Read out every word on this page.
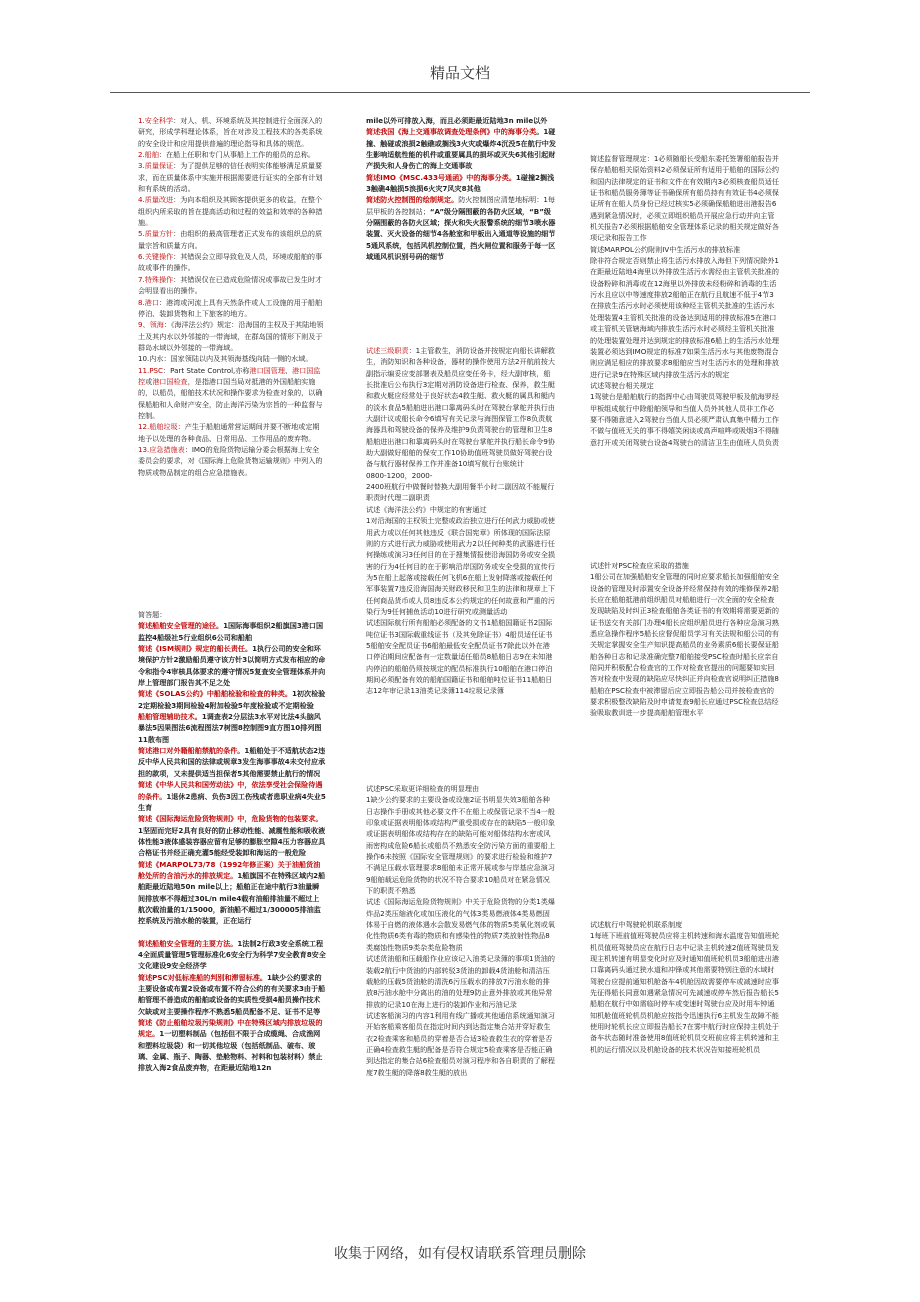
精品文档

1.安全科学：对人、机、环境系统及其控制进行全面深入的研究，形成学科理论体系，旨在对涉及工程技术的各类系统的安全设计和应用提供普遍的理论指导和具体的规范。

2.船舶：在船上任职和专门从事船上工作的船员的总称。

3.质量保证：为了提供足够的信任表明实体能够满足质量要求，而在质量体系中实施并根据需要进行证实的全部有计划和有系统的活动。

4.质量改进：为向本组织及其顾客提供更多的收益，在整个组织内所采取的旨在提高活动和过程的效益和效率的各种措施。

5.质量方针：由组织的最高管理者正式发布的该组织总的质量宗旨和质量方向。

6.关键操作：其错误会立即导致危及人员，环境或船舶的事故或事件的操作。

7.特殊操作：其错误仅在已造成危险情况或事故已发生时才会明显看出的操作。

8.港口：港湾或河流上具有天然条件或人工设施的用于船舶停泊、装卸货物和上下旅客的地方。

9、领海：《海洋法公约》规定：沿海国的主权及于其陆地领土及其内水以外邻接的一带海域，在群岛国的情形下则及于群岛水域以外邻接的一带海域。

10.内水：国家领陆以内及其领海基线向陆一侧的水域。

11.PSC：Part State Control,亦称港口国管理、港口国监控或港口国检查，是指港口国当局对抵港的外国船舶实施的，以船员，船舶技术状况和操作要求为检查对象的，以确保船舶和人命财产安全，防止海洋污染为宗旨的一种监督与控制。

12.船舶垃圾：产生于船舶通常营运期间并要不断地或定期地予以处理的各种食品、日常用品、工作用品的废弃物。

13.应急措施表：IMO的危险货物运输分委会根据海上安全委员会的要求，对《国际海上危险货物运输规则》中列入的物质或物品制定的组合应急措施表。

简答题：

简述船舶安全管理的途径。1国际海事组织2船旗国3港口国监控4船级社5行业组织6公司和船舶

简述《ISM规则》规定的船长责任。1执行公司的安全和环境保护方针2激励船员遵守该方针3以简明方式发布相应的命令和指令4审核具体要求的遵守情况5复查安全管理体系并向岸上管理部门报告其不足之处

简述《SOLAS公约》中船舶检验和检查的种类。1初次检验2定期检验3期间检验4附加检验5年度检验或不定期检验

船舶管理辅助技术。1调查表2分层法3水平对比法4头脑风暴法5因果图法6流程图法7树图8控制图9直方图10排列图11散布图

简述港口对外籍船舶禁航的条件。1船舶处于不适航状态2违反中华人民共和国的法律或规章3发生海事事故4未交付应承担的款项，又未提供适当担保者5其他需要禁止航行的情况

简述《中华人民共和国劳动法》中，依法享受社会保险待遇的条件。1退休2患病、负伤3因工伤残或者患职业病4失业5生育

简述《国际海运危险货物规则》中，危险货物的包装要求。1坚固而完好2具有良好的防止移动性能、减震性能和吸收液体性能3液体盛装容器应留有足够的膨胀空隙4压力容器应具合格证书并经正确充灌5能经受装卸和海运的一般危险

简述《MARPOL73/78（1992年修正案）关于油船货油舱处所的含油污水的排放规定。1船旗国不在特殊区域内2船舶距最近陆地50n mile以上；船舶正在途中航行3油量瞬间排放率不得超过30L/n mile4载有油船排油量不超过上航次载油量的1/15000，新油船不超过1/300005排油监控系统及污油水舱的装置，正在运行

简述船舶安全管理的主要方法。1法制2行政3安全系统工程4全面质量管理5管理标准化6安全行为科学7安全教育8安全文化建设9安全经济学

简述PSC对低标准船的判别和滞留标准。1缺少公约要求的主要设备或布置2设备或布置不符合公约的有关要求3由于船舶管理不善造成的船舶或设备的实质性受损4船员操作技术欠缺或对主要操作程序不熟悉5船员配备不足、证书不足等

简述《防止船舶垃圾污染规则》中在特殊区域内排放垃圾的规定。1一切塑料制品（包括但不限于合成缆绳、合成渔网和塑料垃圾袋）和一切其他垃圾（包括纸制品、破布、玻璃、金属、瓶子、陶器、垫舱物料、衬料和包装材料）禁止排放入海2食品废弃物，在距最近陆地12n

mile以外可排放入海，而且必须距最近陆地3n mile以外

简述我国《海上交通事故调查处理条例》中的海事分类。1碰撞、触碰或浪损2触礁或搁浅3火灾或爆炸4沉没5在航行中发生影响适航性能的机件或重要属具的损坏或灭失6其他引起财产损失和人身伤亡的海上交通事故

简述IMO《MSC.433号通函》中的海事分类。1碰撞2搁浅3触礁4触损5浪损6火灾7风灾8其他

简述防火控制图的绘制规定。防火控制图应清楚地标明：1每层甲板的各控制站；“A”级分隔围蔽的各防火区域，“B”级分隔围蔽的各防火区域；探火和失火报警系统的细节3喷水器装置、灭火设备的细节4各舱室和甲板出入通道等设施的细节5通风系统，包括风机控制位置，挡火闸位置和服务于每一区域通风机识别号码的细节

试述三级职责：1主管救生，消防设备并按规定向船长讲解救生，消防知识和各种设备，器材的操作使用方法2开航前按大副指示编妥应变部署表及船员应变任务卡，经大副审核，船长批准后公布执行3定期对消防设备进行检查、保养，救生艇和救火艇应经常处于良好状态4救生艇、救火艇的属具和艇内的淡水食品5船舶进出港口靠离码头时在驾驶台掌舵并执行由大副计议或船长命令6填写有关记录与海图保管工作8负责航海器具和驾驶设备的保养及维护9负责驾驶台的管理和卫生8船舶进出港口和靠离码头时在驾驶台掌舵并执行船长命令9协助大副做好船舶的保安工作10协助值班驾驶员做好驾驶台设备与航行器材保养工作并准备10填写航行台账统计

0800-1200，2000-

2400班航行中做餐时替换大副用餐半小时二副因故不能履行职责时代理二副职责

试述《海洋法公约》中规定的有害通过

1对沿海国的主权领土完整或政治独立进行任何武力威胁或使用武力或以任何其他违反《联合国宪章》所体现的国际法原则的方式进行武力威胁或使用武力2以任何种类的武器进行任何操练或演习3任何目的在于搜集情报使沿海国防务或安全损害的行为4任何目的在于影响沿岸国防务或安全受损的宣传行为5在船上起落或接载任何飞机6在船上发射降落或接载任何军事装置7违反沿海国海关财政移民和卫生的法律和规章上下任何商品货币或人员8违反本公约规定的任何故意和严重的污染行为9任何捕鱼活动10进行研究或测量活动

试述国际航行所有船舶必须配备的文书1船舶国籍证书2国际吨位证书3国际载重线证书（及其免除证书）4船员适任证书5船舶安全配员证书6船舶最低安全配员证书7除此以外在港口停泊期间应配备有一定数量适任船员8船舶日志9在未知港内停泊的船舶仍须按规定的配员标准执行10船舶在港口停泊期间必须配备有效的船舶国籍证书和船舶吨位证书11船舶日志12年审记录13油类记录簿114垃圾记录簿

试述PSC采取更详细检查的明显理由

1缺少公约要求的主要设备或设施2证书明显失效3船舶各种日志操作手册或其他必要文件不在船上或保管记录不当4一般印象或证据表明船体或结构严重受损或存在的缺陷5一般印象或证据表明船体或结构存在的缺陷可能对船体结构水密或风雨密构成危险6船长或船员不熟悉安全防污染方面的重要船上操作6未按照《国际安全管理规则》的要求进行检验和维护7不满足压载水管理要求8船舶未正常开展或参与岸基应急演习9船舶载运危险货物的状况不符合要求10船员对在紧急情况下的职责不熟悉

试述《国际海运危险货物规则》中关于危险货物的分类1类爆炸品2类压缩液化或加压液化的气体3类易燃液体4类易燃固体易于自燃的液体遇水会散发易燃气体的物质5类氧化剂或氧化性物质6类有毒的物质和有感染性的物质7类放射性物品8类腐蚀性物质9类杂类危险物质

试述货油船和压载船作业应该记入油类记录簿的事项1货油的装载2航行中货油的内部转驳3货油的卸载4货油舱和清洁压载舱的压载5货油舱的清洗6污压载水的排放7污油水舱的排放8污油水舱中分离出的油的处理9防止意外排放或其他异常排放的记录10在海上进行的装卸作业和污油记录

试述客船演习的内容1利用有线广播或其他通信系统通知演习开始客船乘客船员在指定时间内到达指定集合站并穿好救生衣2检查乘客和船员的穿着是否合适3检查救生衣的穿着是否正确4检查救生艇的配备是否符合规定5检查乘客是否能正确到达指定的集合站6检查船员对演习程序和各自职责的了解程度7救生艇的降落8救生艇的放出

简述监督管理规定：1必须随船长受船东委托签署船舶报告并保存船舶相关原始资料2必须保证所有适用于船舶的国际公约和国内法律规定的证书和文件在有效期内3必须核查船员适任证书和船员服务簿等证书确保所有船员持有有效证书4必须保证所有在船人员身份已经过核实5必须确保船舶进出港报告6遇到紧急情况时，必须立即组织船员开展应急行动并向主管机关报告7必须根据船舶安全管理体系记录的相关规定做好各项记录和报告工作

简述MARPOL公约附则IV中生活污水的排放标准

除非符合规定否则禁止将生活污水排放入海但下列情况除外1在距最近陆地4海里以外排放生活污水需经由主管机关批准的设备粉碎和消毒或在12海里以外排放未经粉碎和消毒的生活污水且应以中等速度排放2船舶正在航行且航速不低于4节3在排放生活污水时必须使用该种经主管机关批准的生活污水处理装置4主管机关批准的设备达到适用的排放标准5在港口或主管机关管辖海域内排放生活污水时必须经主管机关批准的处理装置处理并达到规定的排放标准6船上的生活污水处理装置必须达到IMO规定的标准7如果生活污水与其他废物混合则应满足相应的排放要求8船舶应当对生活污水的处理和排放进行记录9在特殊区域内排放生活污水的规定

试述驾驶台相关规定

1驾驶台是船舶航行的指挥中心由驾驶员驾驶甲板及航海罗经甲板组成航行中除船舶领导和当值人员外其他人员非工作必要不得随意进入2驾驶台当值人员必须严肃认真集中精力工作不做与值班无关的事不得嬉笑闲谈或高声喧哗或吸烟3不得随意打开或关闭驾驶台设备4驾驶台的清洁卫生由值班人员负责

试述针对PSC检查应采取的措施

1船公司在加强船舶安全管理的同时应要求船长加强船舶安全设备的管理及时添置安全设备并经常保持有效的维修保养2船长应在船舶抵港前组织船员对船舶进行一次全面的安全检查发现缺陷及时纠正3检查船舶各类证书的有效期将需要更新的证书送交有关部门办理4船长应组织船员进行各种应急演习熟悉应急操作程序5船长应督促船员学习有关法规和船公司的有关规定掌握安全生产知识提高船员的业务素质6船长要保证船舶各种日志和记录准确完整7船舶接受PSC检查时船长应亲自陪同并积极配合检查官的工作对检查官提出的问题要如实回答对检查中发现的缺陷应尽快纠正并向检查官说明纠正措施8船舶在PSC检查中被滞留后应立即报告船公司并按检查官的要求积极整改缺陷及时申请复查9船长应通过PSC检查总结经验吸取教训进一步提高船舶管理水平

试述航行中驾驶轮机联系制度

1每班下班前值班驾驶员应将主机转速和海水温度告知值班轮机员值班驾驶员应在航行日志中记录主机转速2值班驾驶员发现主机转速有明显变化时应及时通知值班轮机员3船舶进出港口靠离码头通过狭水道和冲锋或其他需要特别注意的水域时驾驶台应提前通知机舱备车4机舱因故需要停车或减速时应事先征得船长同意如遇紧急情况可先减速或停车然后报告船长5船舶在航行中如需临时停车或变速时驾驶台应及时用车钟通知机舱值班轮机员机舱应按指令迅速执行6主机发生故障不能使用时轮机长应立即报告船长7在雾中航行时应保持主机处于备车状态随时准备使用8值班轮机员交班前应将主机转速和主机的运行情况以及机舱设备的技术状况告知接班轮机员

收集于网络，如有侵权请联系管理员删除
